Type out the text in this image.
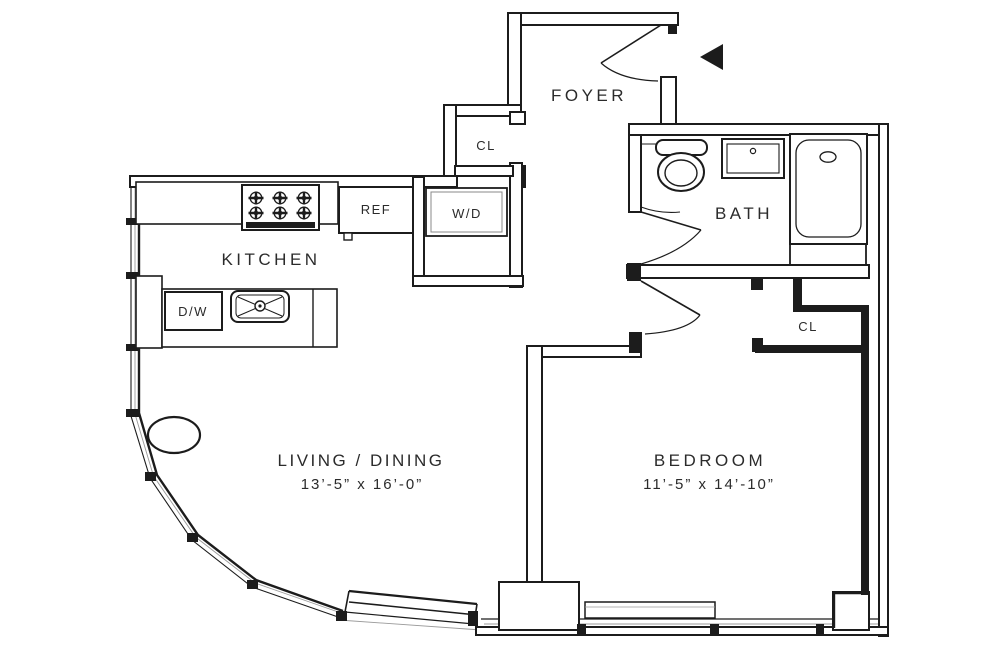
FOYER
CL
BATH
KITCHEN
REF	W/D
D/W
CL
LIVING / DINING
13’-5” x 16’-0”
BEDROOM
11’-5” x 14’-10”
